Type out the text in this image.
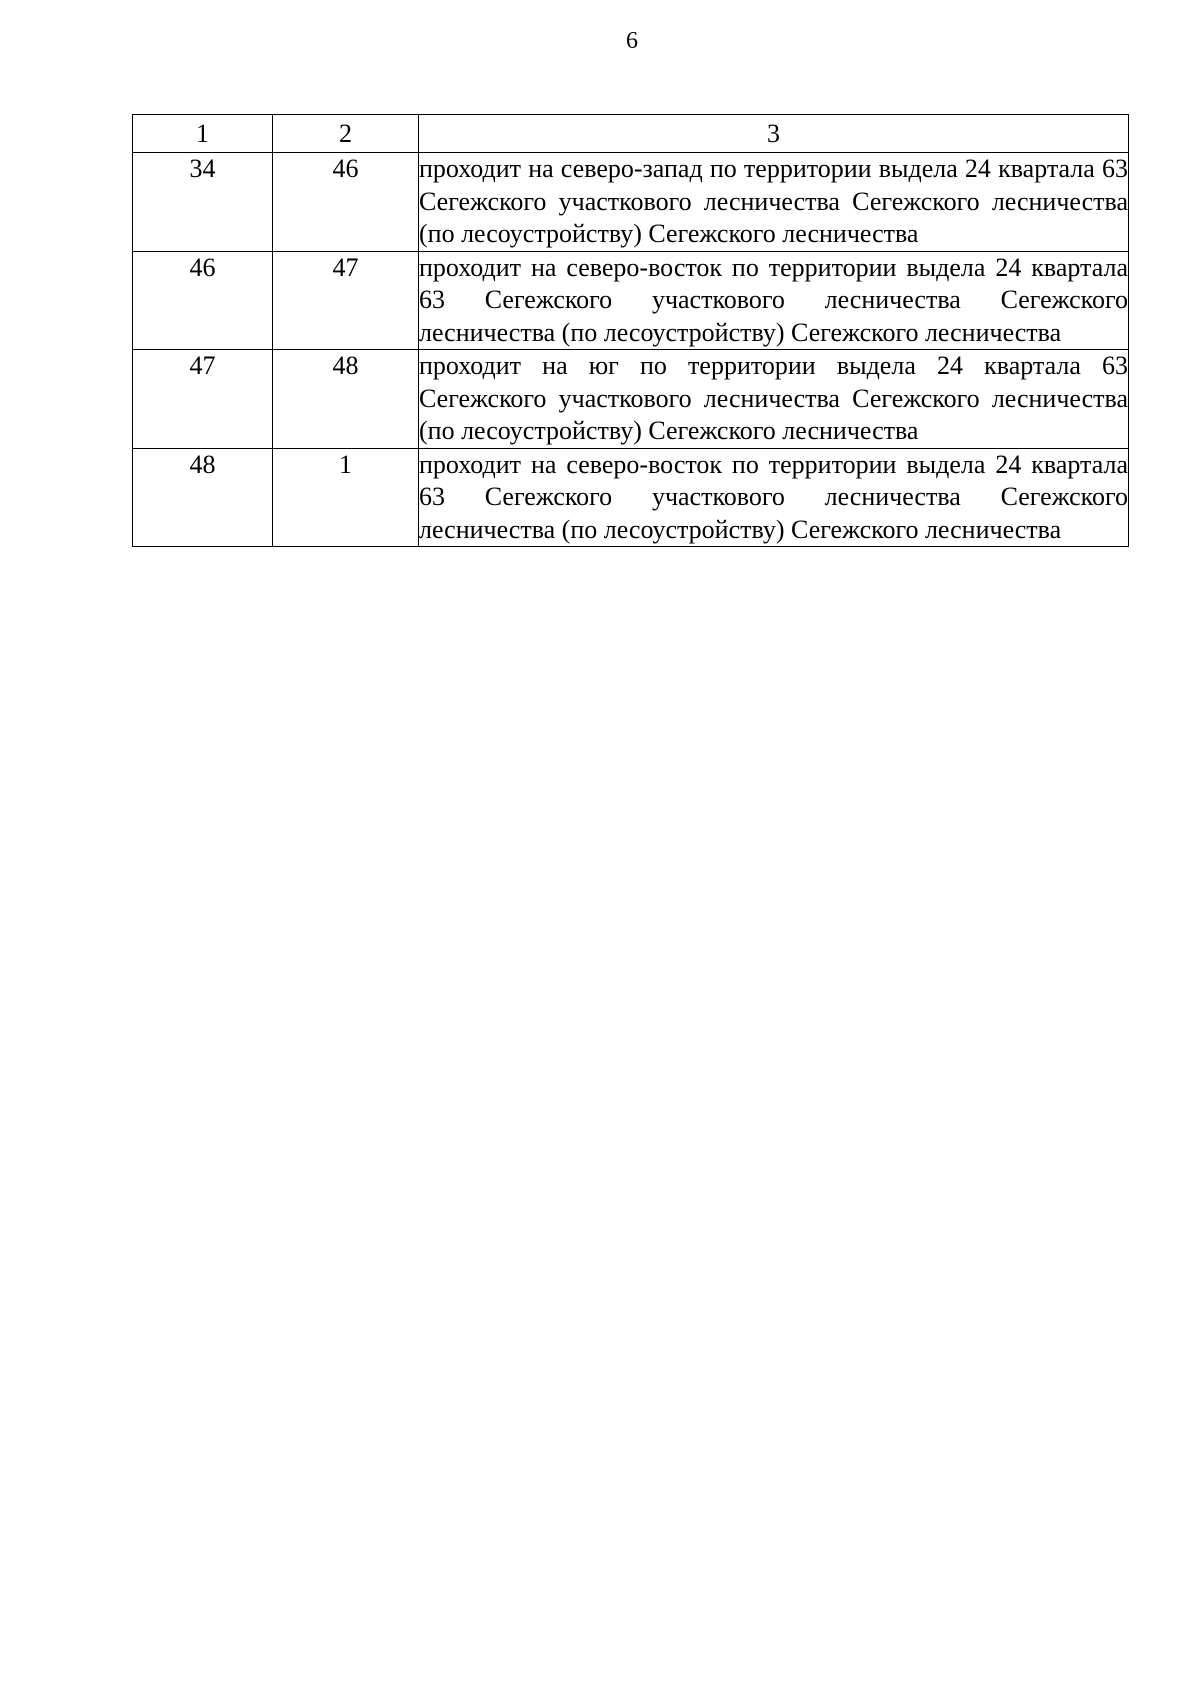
6
1	2	3
34	46	проходит на северо-запад по территории выдела 24 квартала 63 Сегежского участкового лесничества Сегежского лесничества (по лесоустройству) Сегежского лесничества
46	47	проходит на северо-восток по территории выдела 24 квартала 63 Сегежского участкового лесничества Сегежского лесничества (по лесоустройству) Сегежского лесничества
47	48	проходит на юг по территории выдела 24 квартала 63 Сегежского участкового лесничества Сегежского лесничества (по лесоустройству) Сегежского лесничества
48	1	проходит на северо-восток по территории выдела 24 квартала 63 Сегежского участкового лесничества Сегежского лесничества (по лесоустройству) Сегежского лесничества
